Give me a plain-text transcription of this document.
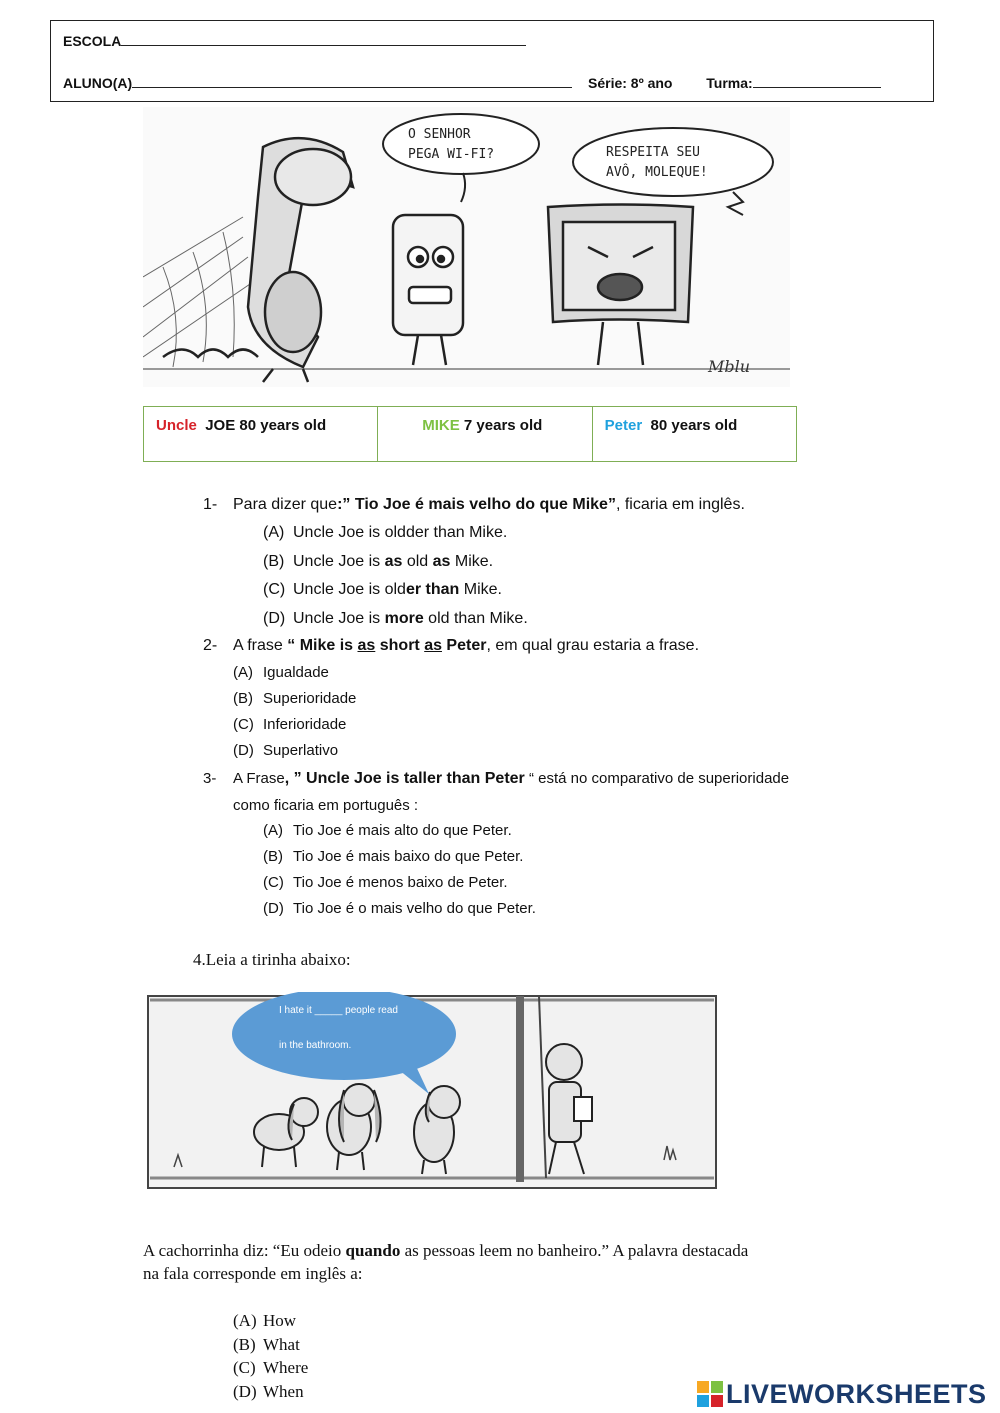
ESCOLA
ALUNO(A)	Série: 8º ano Turma:
O SENHOR
PEGA WI-FI?	RESPEITA SEU
AVÔ, MOLEQUE!
Mblu
Uncle JOE 80 years old	MIKE 7 years old	Peter 80 years old
1- Para dizer que:” Tio Joe é mais velho do que Mike”, ficaria em inglês.
(A) Uncle Joe is oldder than Mike.
(B) Uncle Joe is as old as Mike.
(C) Uncle Joe is older than Mike.
(D) Uncle Joe is more old than Mike.
2- A frase “ Mike is as short as Peter, em qual grau estaria a frase.
(A) Igualdade
(B) Superioridade
(C) Inferioridade
(D) Superlativo
3- A Frase, ” Uncle Joe is taller than Peter “ está no comparativo de superioridade
como ficaria em português :
(A) Tio Joe é mais alto do que Peter.
(B) Tio Joe é mais baixo do que Peter.
(C) Tio Joe é menos baixo de Peter.
(D) Tio Joe é o mais velho do que Peter.
4.Leia a tirinha abaixo:
I hate it _____ people read
in the bathroom.
A cachorrinha diz: “Eu odeio quando as pessoas leem no banheiro.” A palavra destacada
na fala corresponde em inglês a:
(A) How
(B) What
(C) Where
(D) When	LIVEWORKSHEETS
